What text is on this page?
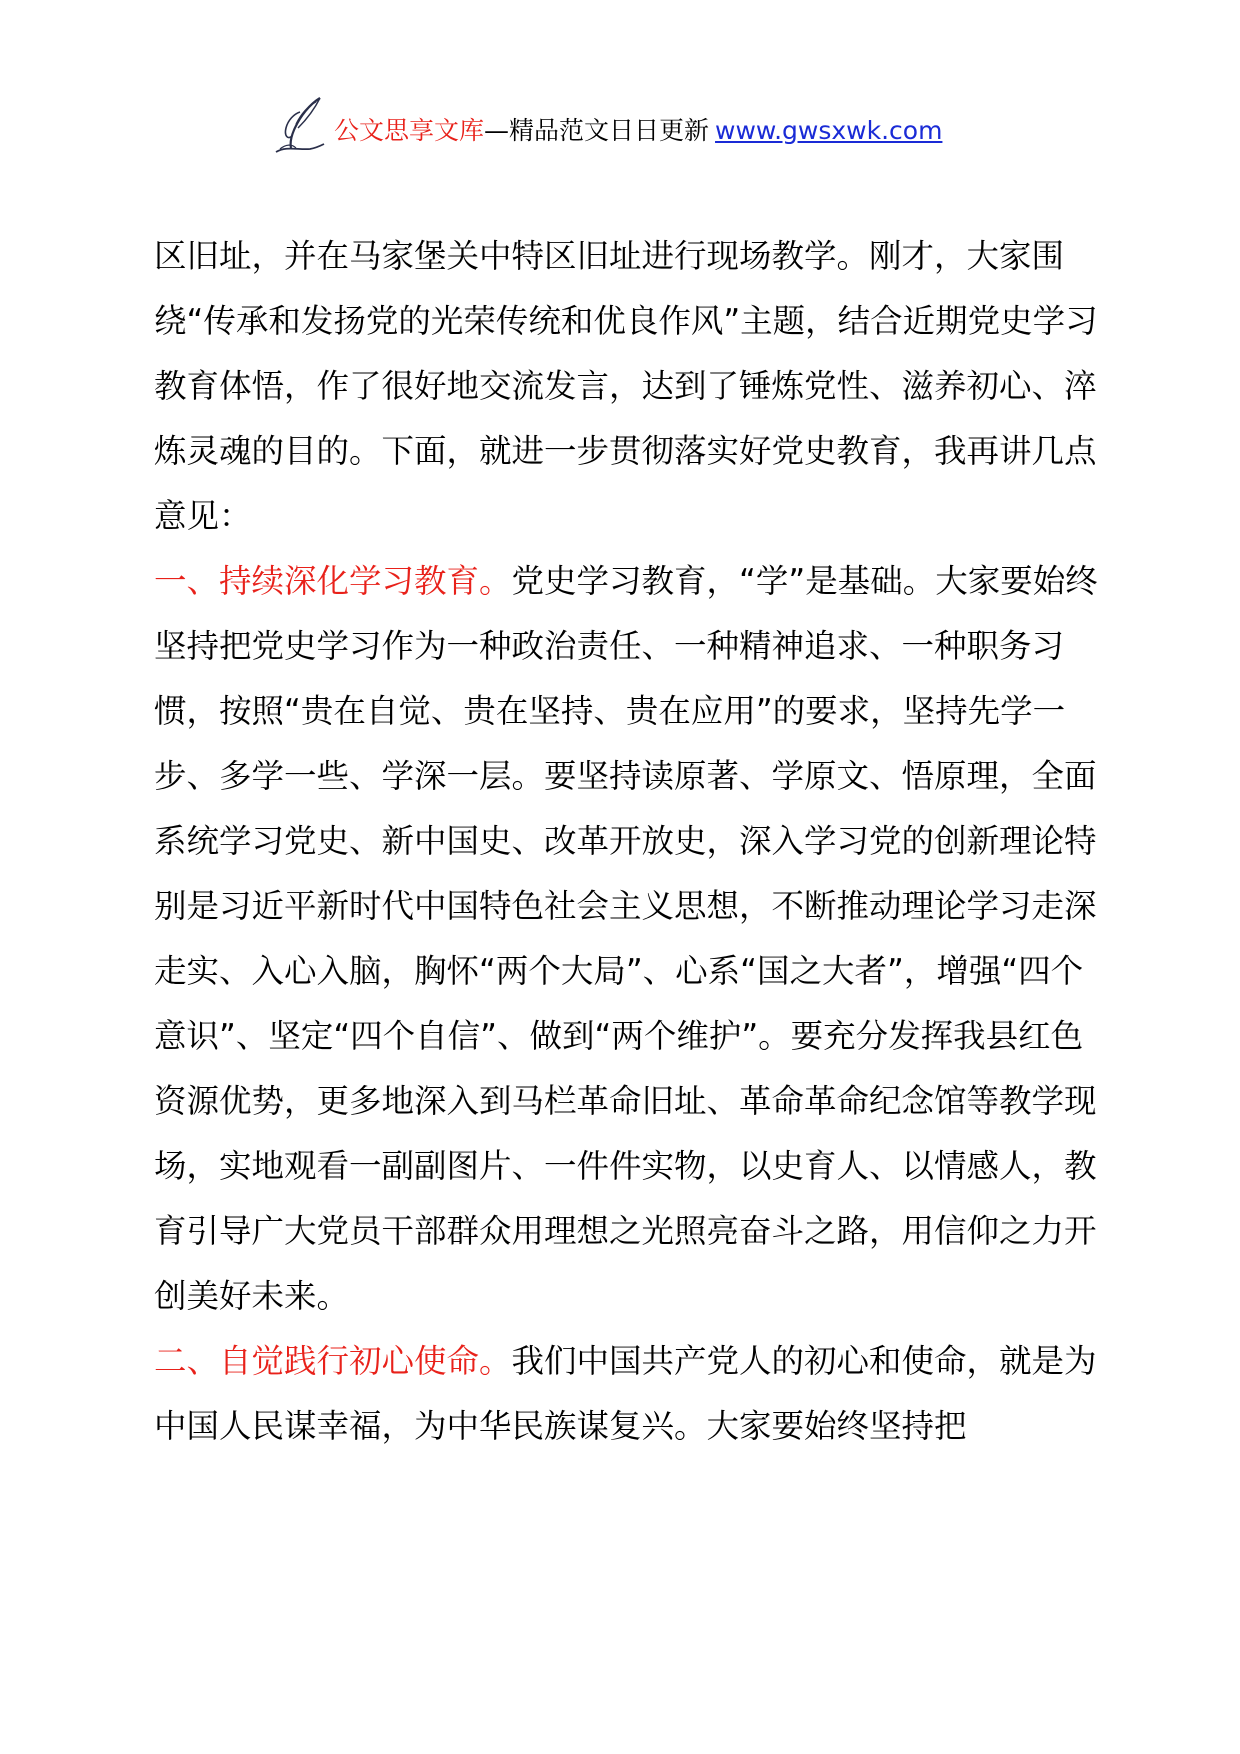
公文思享文库—精品范文日日更新 www.gwsxwk.com

区旧址，并在马家堡关中特区旧址进行现场教学。刚才，大家围绕“传承和发扬党的光荣传统和优良作风”主题，结合近期党史学习教育体悟，作了很好地交流发言，达到了锤炼党性、滋养初心、淬炼灵魂的目的。下面，就进一步贯彻落实好党史教育，我再讲几点意见：

一、持续深化学习教育。党史学习教育，“学”是基础。大家要始终坚持把党史学习作为一种政治责任、一种精神追求、一种职务习惯，按照“贵在自觉、贵在坚持、贵在应用”的要求，坚持先学一步、多学一些、学深一层。要坚持读原著、学原文、悟原理，全面系统学习党史、新中国史、改革开放史，深入学习党的创新理论特别是习近平新时代中国特色社会主义思想，不断推动理论学习走深走实、入心入脑，胸怀“两个大局”、心系“国之大者”，增强“四个意识”、坚定“四个自信”、做到“两个维护”。要充分发挥我县红色资源优势，更多地深入到马栏革命旧址、革命革命纪念馆等教学现场，实地观看一副副图片、一件件实物，以史育人、以情感人，教育引导广大党员干部群众用理想之光照亮奋斗之路，用信仰之力开创美好未来。

二、自觉践行初心使命。我们中国共产党人的初心和使命，就是为中国人民谋幸福，为中华民族谋复兴。大家要始终坚持把
